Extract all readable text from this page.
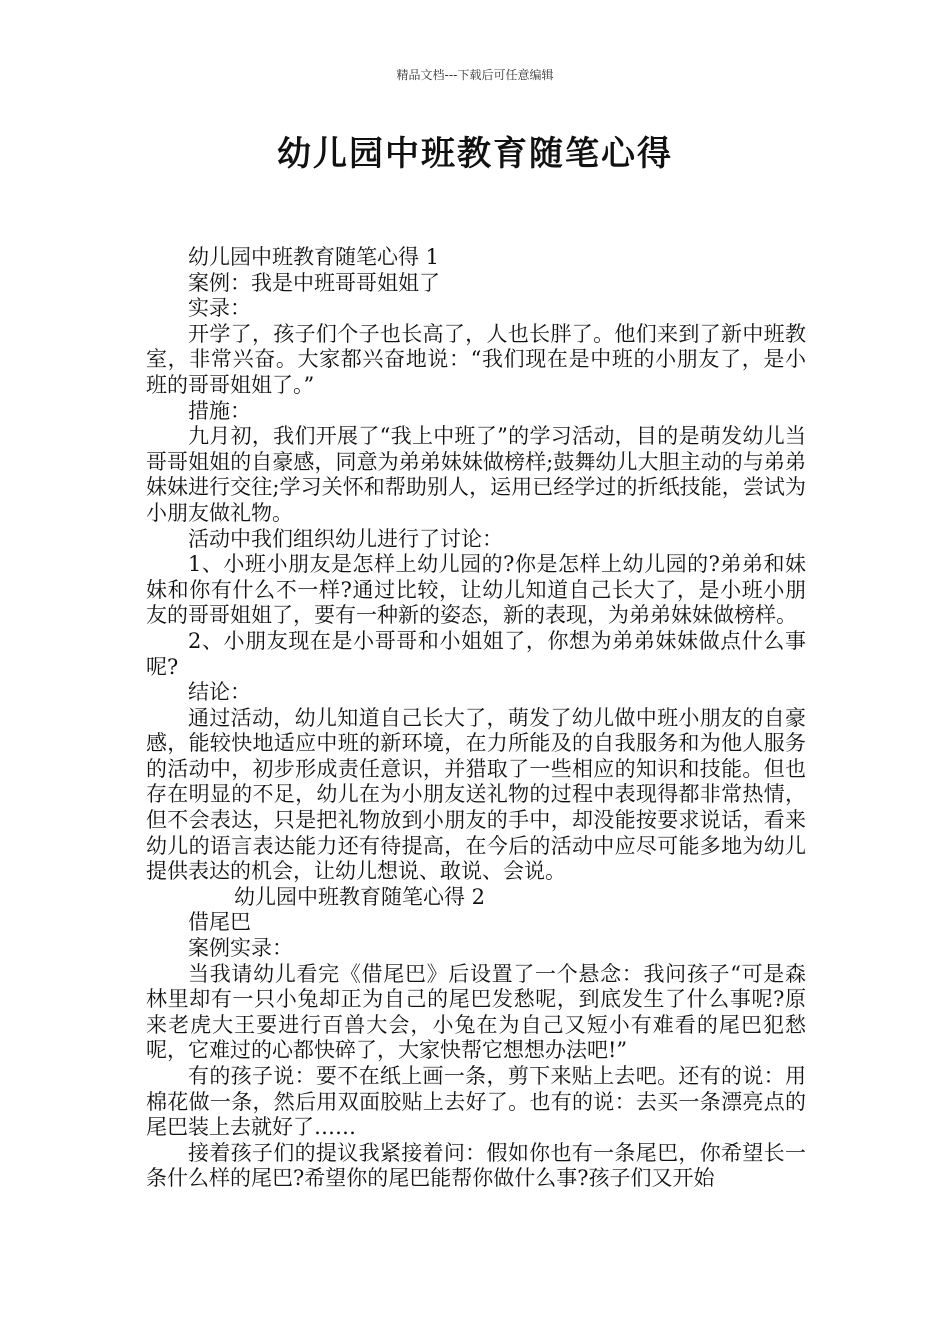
精品文档---下载后可任意编辑
幼儿园中班教育随笔心得

幼儿园中班教育随笔心得 1

案例：我是中班哥哥姐姐了

实录：

开学了，孩子们个子也长高了，人也长胖了。他们来到了新中班教室，非常兴奋。大家都兴奋地说：“我们现在是中班的小朋友了，是小班的哥哥姐姐了。”

措施：

九月初，我们开展了“我上中班了”的学习活动，目的是萌发幼儿当哥哥姐姐的自豪感，同意为弟弟妹妹做榜样;鼓舞幼儿大胆主动的与弟弟妹妹进行交往;学习关怀和帮助别人，运用已经学过的折纸技能，尝试为小朋友做礼物。

活动中我们组织幼儿进行了讨论：

1、小班小朋友是怎样上幼儿园的?你是怎样上幼儿园的?弟弟和妹妹和你有什么不一样?通过比较，让幼儿知道自己长大了，是小班小朋友的哥哥姐姐了，要有一种新的姿态，新的表现，为弟弟妹妹做榜样。

2、小朋友现在是小哥哥和小姐姐了，你想为弟弟妹妹做点什么事呢?

结论：

通过活动，幼儿知道自己长大了，萌发了幼儿做中班小朋友的自豪感，能较快地适应中班的新环境，在力所能及的自我服务和为他人服务的活动中，初步形成责任意识，并猎取了一些相应的知识和技能。但也存在明显的不足，幼儿在为小朋友送礼物的过程中表现得都非常热情，但不会表达，只是把礼物放到小朋友的手中，却没能按要求说话，看来幼儿的语言表达能力还有待提高，在今后的活动中应尽可能多地为幼儿提供表达的机会，让幼儿想说、敢说、会说。

幼儿园中班教育随笔心得 2

借尾巴

案例实录：

当我请幼儿看完《借尾巴》后设置了一个悬念：我问孩子“可是森林里却有一只小兔却正为自己的尾巴发愁呢，到底发生了什么事呢?原来老虎大王要进行百兽大会，小兔在为自己又短小有难看的尾巴犯愁呢，它难过的心都快碎了，大家快帮它想想办法吧!”

有的孩子说：要不在纸上画一条，剪下来贴上去吧。还有的说：用棉花做一条，然后用双面胶贴上去好了。也有的说：去买一条漂亮点的尾巴装上去就好了……

接着孩子们的提议我紧接着问：假如你也有一条尾巴，你希望长一条什么样的尾巴?希望你的尾巴能帮你做什么事?孩子们又开始
